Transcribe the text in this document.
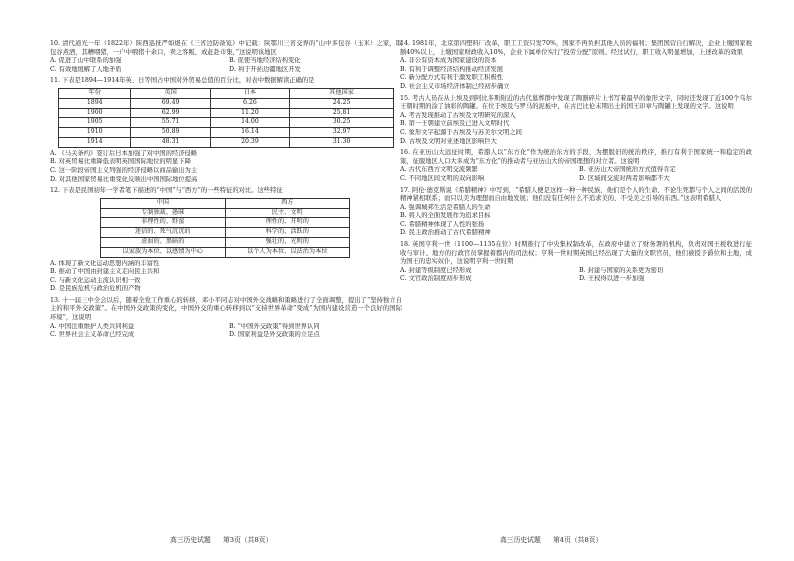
10. 清代道光一年（1822年）陕西巡抚严如煜在《三省边防备览》中记载：陕鄂川三省交界的“山中多包谷（玉米）之家，取包谷煮酒，其糟喂猪，一户中喂猪十余口，卖之客贩，或赶赴市集，”这说明该地区
A. 促进了山中联系的加强	B. 促使当地经济结构变化
C. 有效地缓解了人地矛盾	D. 利于开拓边疆地区开发
11. 下表是1894—1914年英、日等国占中国对外贸易总值的百分比，对表中数据解读正确的是
年份	英国	日本	其他国家
1894	69.49	6.26	24.25
1900	62.99	11.20	25.81
1905	55.71	14.00	30.25
1910	50.89	16.14	32.97
1914	48.31	20.39	31.30
A. 《马关条约》签订后日本加强了对中国的经济侵略
B. 对英贸易比重降低表明英国国际地位的明显下降
C. 这一阶段帝国主义列强的经济侵略以商品输出为主
D. 对其他国家贸易比重变化反映出中国国际地位提高
12. 下表是民国初年一学者笔下描述的“中国”与“西方”的一些特征的对比。这些特征
中国	西方
专制独裁、愚昧	民主、文明
非理性的、野蛮	理性的、开明的
迷信的、死气沉沉的	科学的、活跃的
虚弱的、黑暗的	强壮的、光明的
以家族为本位、以感情为中心	以个人为本位、以法治为本位
A. 体现了新文化运动思想内涵的丰富性
B. 推动了中国由封建主义走向民主共和
C. 与新文化运动主流认识相一致
D. 是民族危机与政治危机的产物
13. 十一届三中全会以后，随着全党工作重心的转移，邓小平同志对中国外交战略和策略进行了全面调整，提出了“坚持独立自主的和平外交政策”。在中国外交政策的变化，中国外交的重心转移到以“支持世界革命”变成“为国内建设营造一个良好的国际环境”，这说明
A. 中国注重维护人类共同利益	B. “中国外交政策”得到世界认同
C. 世界社会主义革命已经完成	D. 国家利益是外交政策的立足点
高三历史试题 第3页（共8页）
14. 1981年，北京第四塑料厂改革，职工工资只发70%，国家不再负担其他人员的福利；集团国营自行解决，企业上缴国家税额40%以上，上缴国家财政收入10%，企业下属单位实行“投劳分配”原则。经过试行，职工收入明显增加，上述改革的效果
A. 非公有资本成为国家建设的资本
B. 有利于调整经济结构推动经济发展
C. 新分配方式有利于激发职工积极性
D. 社会主义市场经济体制已经初步确立
15. 考古人员在从上埃及到阿比多斯附近的古代墓葬群中发现了陶器碎片上书写着最早的象形文字，同时还发现了近100个乌尔王朝时期的涂了油彩的陶罐。在位于埃及与罗马的泥板中，在古巴比伦末期出土的国王印章与陶罐上发现的文字。这说明
A. 考古发现推动了古埃及文明研究的深入
B. 第一王朝建立前埃及已进入文明时代
C. 象形文字起源于古埃及与苏美尔文明之间
D. 古埃及文明对亚述地区影响巨大
16. 在亚历山大远征时期，希腊人以“东方化”作为统治东方的手段，为摆脱旧的统治秩序，推行有利于国家统一和稳定的政策，征服地区人口大多成为“东方化”的推动者与亚历山大的帝国理想的对立者。这说明
A. 古代东西方文明交流频繁	B. 亚历山大帝国统治方式值得肯定
C. 不同地区间文明的双向影响	D. 区域间交流对两者影响都不大
17. 阿伦·德克斯说《希腊精神》中写到，“希腊人便是这样一种一种民族，他们是个人的生命、不论生死都与个人之间的活泼的精神紧相联系；而只以美为理想而自由地发展；他们没有任何什么不追求美的、不受美之引导的东西。”这表明希腊人
A. 强调城邦生活是希腊人的生命
B. 将人的全面发展作为追求目标
C. 希腊精神体现了人性的张扬
D. 民主政治推动了古代希腊精神
18. 英国亨利一世（1100—1135在位）时期推行了中央集权制改革，在政府中建立了财务署的机构，负责对国王税收进行征收与审计。地方的行政官员掌握着郡内的司法权；亨利一世时期英国已经出现了大量的文职官员，他们被授予爵位和土地，成为国王的忠实奴仆，这说明亨利一世时期
A. 封建等级制度已经形成	B. 封建与国家的关系更为密切
C. 文官政治制度初步形成	D. 王权得以进一步加强
高三历史试题 第4页（共8页）
